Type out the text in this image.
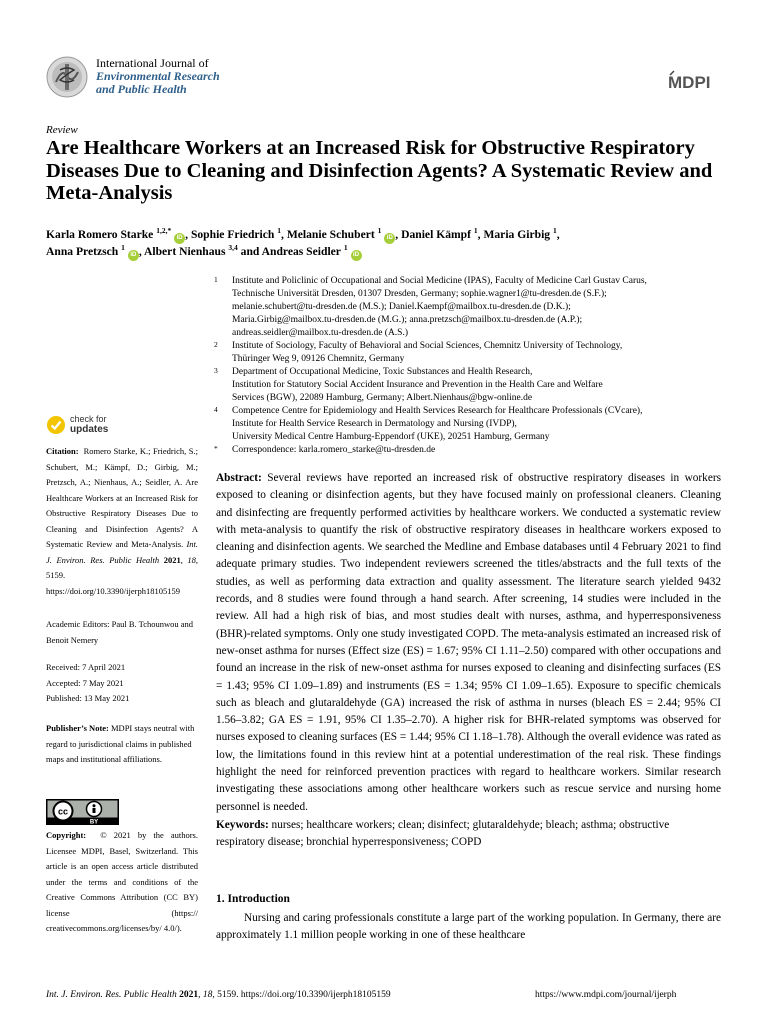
International Journal of
Environmental Research
and Public Health	MDPI
Review
Are Healthcare Workers at an Increased Risk for Obstructive Respiratory Diseases Due to Cleaning and Disinfection Agents? A Systematic Review and Meta-Analysis
Karla Romero Starke $^{1,2,*}$ iD , Sophie Friedrich $^1$, Melanie Schubert $^1$ iD , Daniel Kämpf $^1$, Maria Girbig $^1$,
Anna Pretzsch $^1$ iD , Albert Nienhaus $^{3,4}$ and Andreas Seidler $^1$ iD
1 Institute and Policlinic of Occupational and Social Medicine (IPAS), Faculty of Medicine Carl Gustav Carus,
Technische Universität Dresden, 01307 Dresden, Germany; sophie.wagner1@tu-dresden.de (S.F.);
melanie.schubert@tu-dresden.de (M.S.); Daniel.Kaempf@mailbox.tu-dresden.de (D.K.);
Maria.Girbig@mailbox.tu-dresden.de (M.G.); anna.pretzsch@mailbox.tu-dresden.de (A.P.);
andreas.seidler@mailbox.tu-dresden.de (A.S.)
2 Institute of Sociology, Faculty of Behavioral and Social Sciences, Chemnitz University of Technology,
Thüringer Weg 9, 09126 Chemnitz, Germany
3 Department of Occupational Medicine, Toxic Substances and Health Research,
Institution for Statutory Social Accident Insurance and Prevention in the Health Care and Welfare
Services (BGW), 22089 Hamburg, Germany; Albert.Nienhaus@bgw-online.de
4 Competence Centre for Epidemiology and Health Services Research for Healthcare Professionals (CVcare),
Institute for Health Service Research in Dermatology and Nursing (IVDP),
University Medical Centre Hamburg-Eppendorf (UKE), 20251 Hamburg, Germany
* Correspondence: karla.romero_starke@tu-dresden.de
check for
updates
Citation: Romero Starke, K.; Friedrich, S.; Schubert, M.; Kämpf, D.; Girbig, M.; Pretzsch, A.; Nienhaus, A.; Seidler, A. Are Healthcare Workers at an Increased Risk for Obstructive Respiratory Diseases Due to Cleaning and Disinfection Agents? A Systematic Review and Meta-Analysis. Int. J. Environ. Res. Public Health 2021, 18, 5159. https://doi.org/10.3390/ijerph18105159
Academic Editors: Paul B. Tchounwou and Benoit Nemery
Received: 7 April 2021
Accepted: 7 May 2021
Published: 13 May 2021
Publisher’s Note: MDPI stays neutral with regard to jurisdictional claims in published maps and institutional affiliations.
cc
BY
Copyright: © 2021 by the authors. Licensee MDPI, Basel, Switzerland. This article is an open access article distributed under the terms and conditions of the Creative Commons Attribution (CC BY) license (https:// creativecommons.org/licenses/by/ 4.0/).
Abstract: Several reviews have reported an increased risk of obstructive respiratory diseases in workers exposed to cleaning or disinfection agents, but they have focused mainly on professional cleaners. Cleaning and disinfecting are frequently performed activities by healthcare workers. We conducted a systematic review with meta-analysis to quantify the risk of obstructive respiratory diseases in healthcare workers exposed to cleaning and disinfection agents. We searched the Medline and Embase databases until 4 February 2021 to find adequate primary studies. Two independent reviewers screened the titles/abstracts and the full texts of the studies, as well as performing data extraction and quality assessment. The literature search yielded 9432 records, and 8 studies were found through a hand search. After screening, 14 studies were included in the review. All had a high risk of bias, and most studies dealt with nurses, asthma, and hyperresponsiveness (BHR)-related symptoms. Only one study investigated COPD. The meta-analysis estimated an increased risk of new-onset asthma for nurses (Effect size (ES) = 1.67; 95% CI 1.11–2.50) compared with other occupations and found an increase in the risk of new-onset asthma for nurses exposed to cleaning and disinfecting surfaces (ES = 1.43; 95% CI 1.09–1.89) and instruments (ES = 1.34; 95% CI 1.09–1.65). Exposure to specific chemicals such as bleach and glutaraldehyde (GA) increased the risk of asthma in nurses (bleach ES = 2.44; 95% CI 1.56–3.82; GA ES = 1.91, 95% CI 1.35–2.70). A higher risk for BHR-related symptoms was observed for nurses exposed to cleaning surfaces (ES = 1.44; 95% CI 1.18–1.78). Although the overall evidence was rated as low, the limitations found in this review hint at a potential underestimation of the real risk. These findings highlight the need for reinforced prevention practices with regard to healthcare workers. Similar research investigating these associations among other healthcare workers such as rescue service and nursing home personnel is needed.
Keywords: nurses; healthcare workers; clean; disinfect; glutaraldehyde; bleach; asthma; obstructive respiratory disease; bronchial hyperresponsiveness; COPD
1. Introduction
Nursing and caring professionals constitute a large part of the working population. In Germany, there are approximately 1.1 million people working in one of these healthcare
Int. J. Environ. Res. Public Health 2021, 18, 5159. https://doi.org/10.3390/ijerph18105159	https://www.mdpi.com/journal/ijerph
